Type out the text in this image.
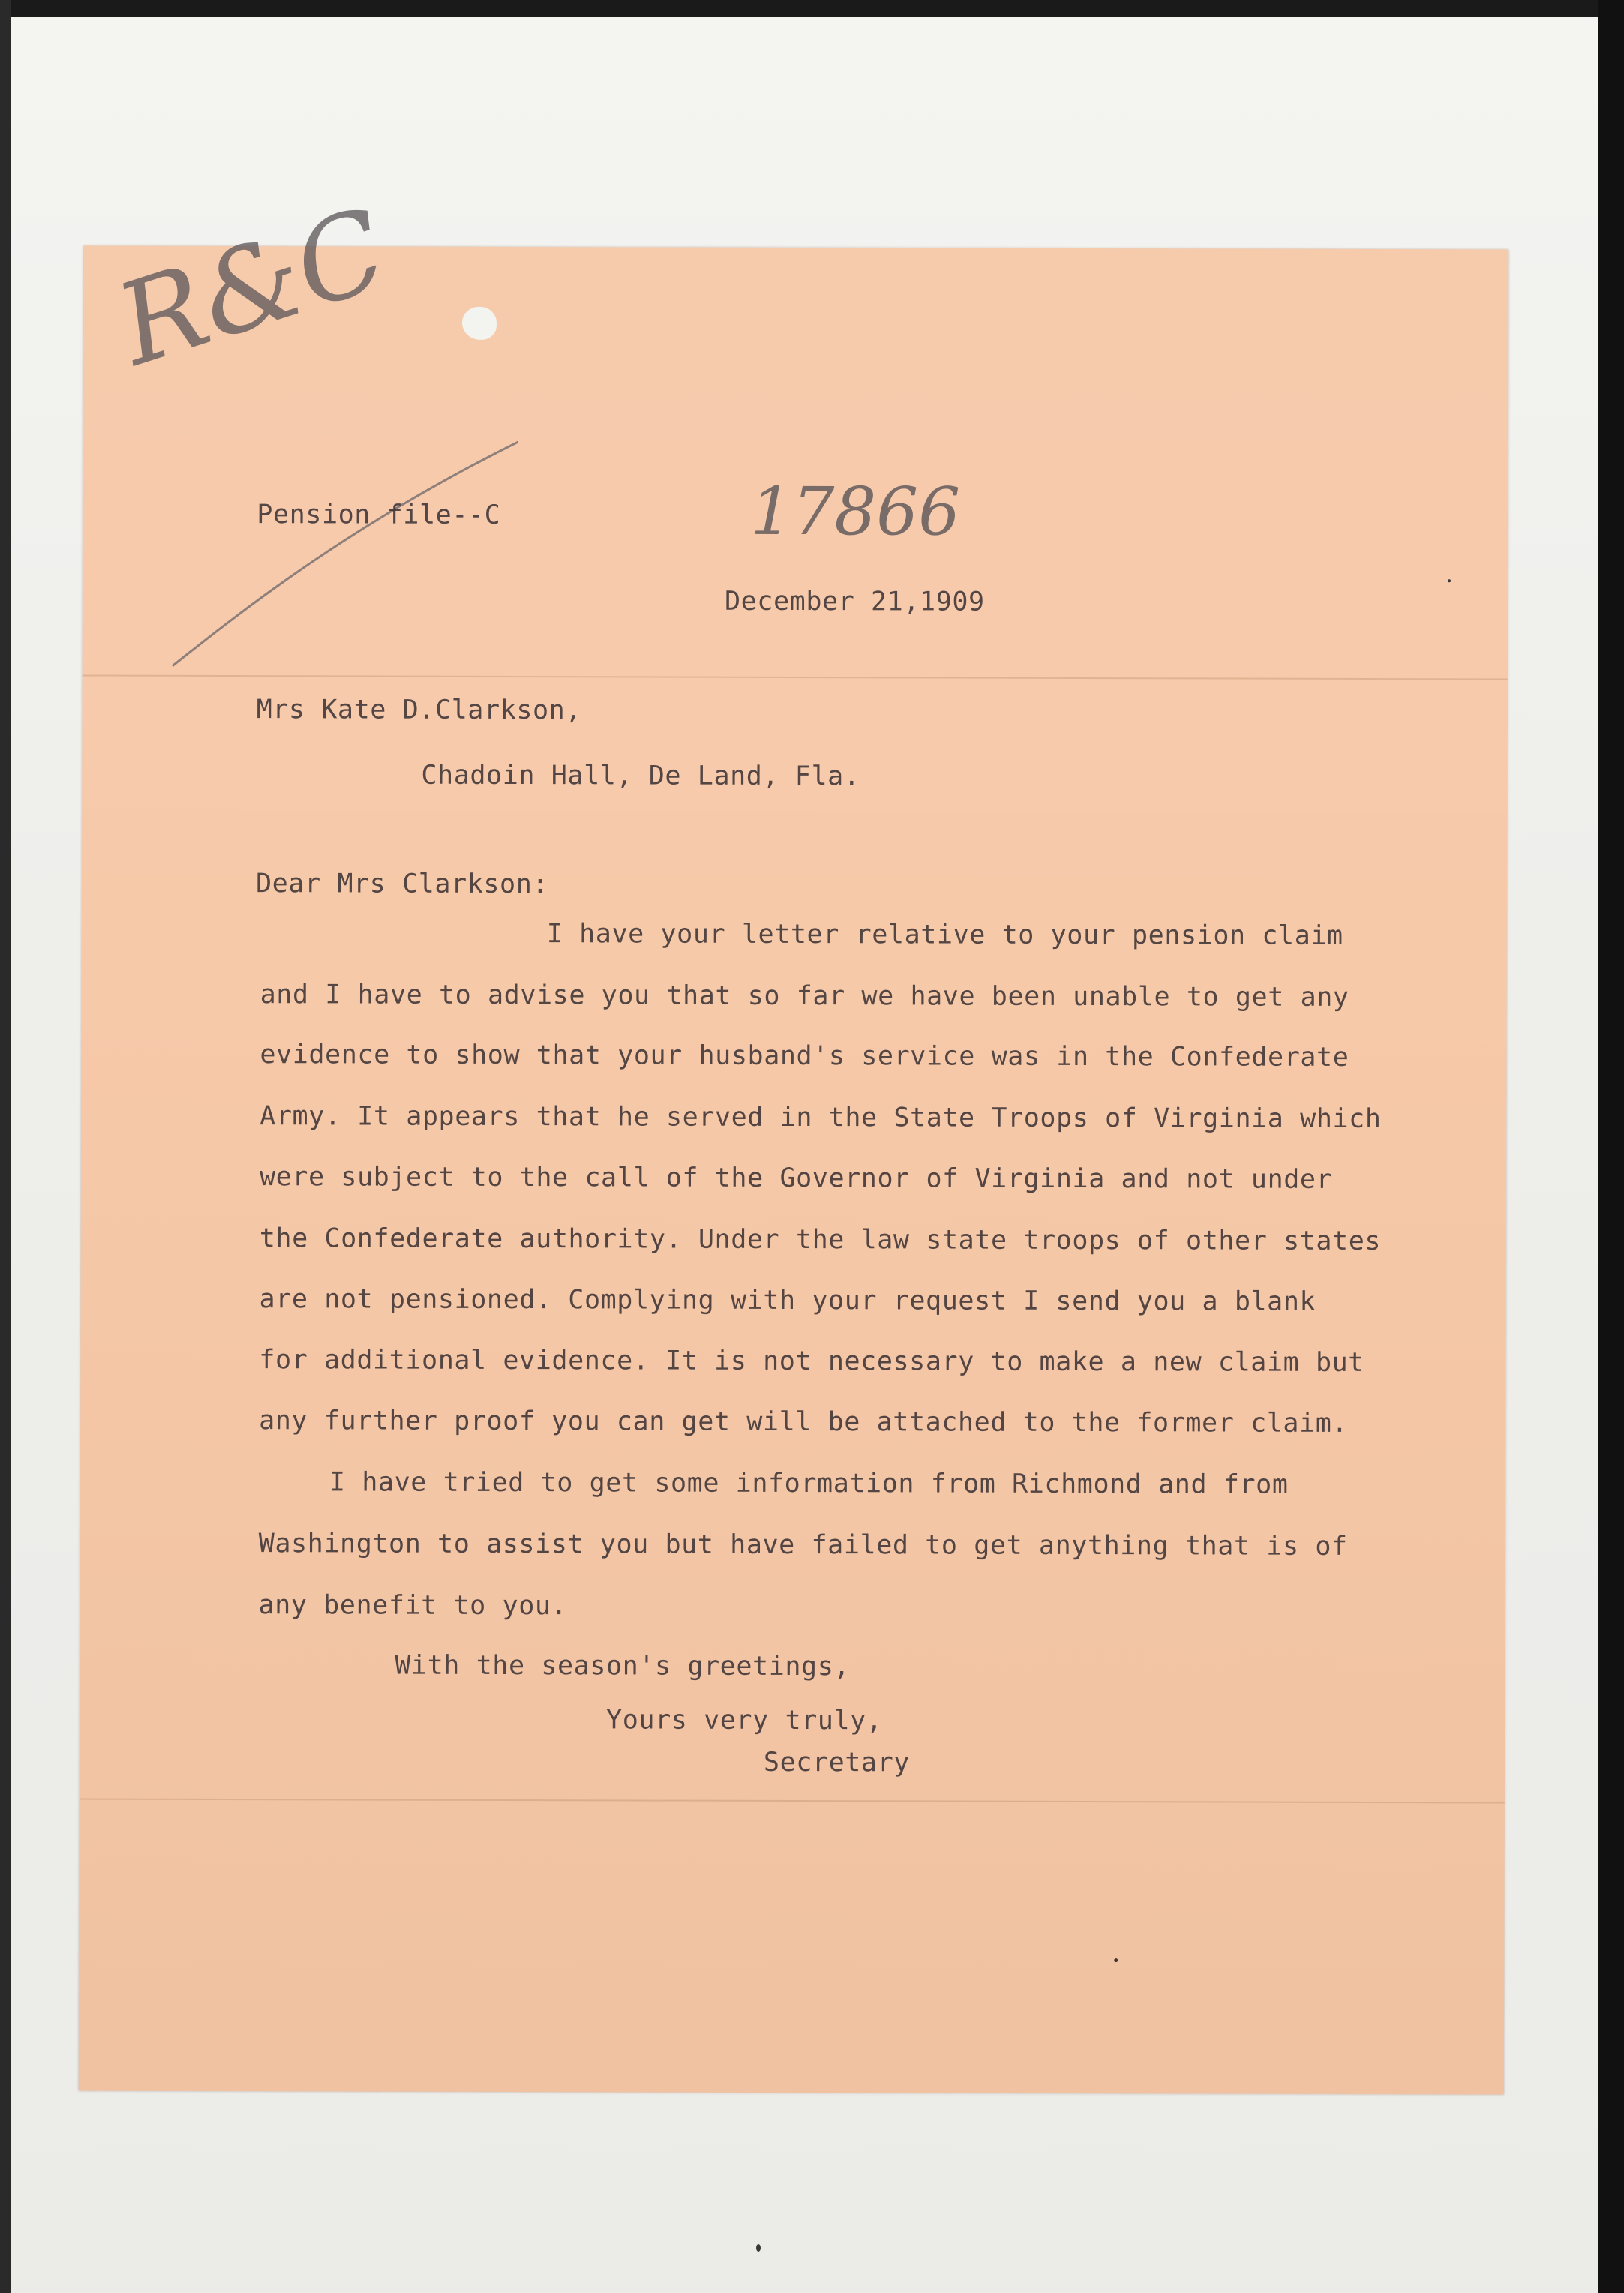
R&C
17866
Pension file--C
December 21,1909
Mrs Kate D.Clarkson,
Chadoin Hall, De Land, Fla.
Dear Mrs Clarkson:
I have your letter relative to your pension claim
and I have to advise you that so far we have been unable to get any
evidence to show that your husband's service was in the Confederate
Army. It appears that he served in the State Troops of Virginia which
were subject to the call of the Governor of Virginia and not under
the Confederate authority. Under the law state troops of other states
are not pensioned. Complying with your request I send you a blank
for additional evidence. It is not necessary to make a new claim but
any further proof you can get will be attached to the former claim.
I have tried to get some information from Richmond and from
Washington to assist you but have failed to get anything that is of
any benefit to you.
With the season's greetings,
Yours very truly,
Secretary
